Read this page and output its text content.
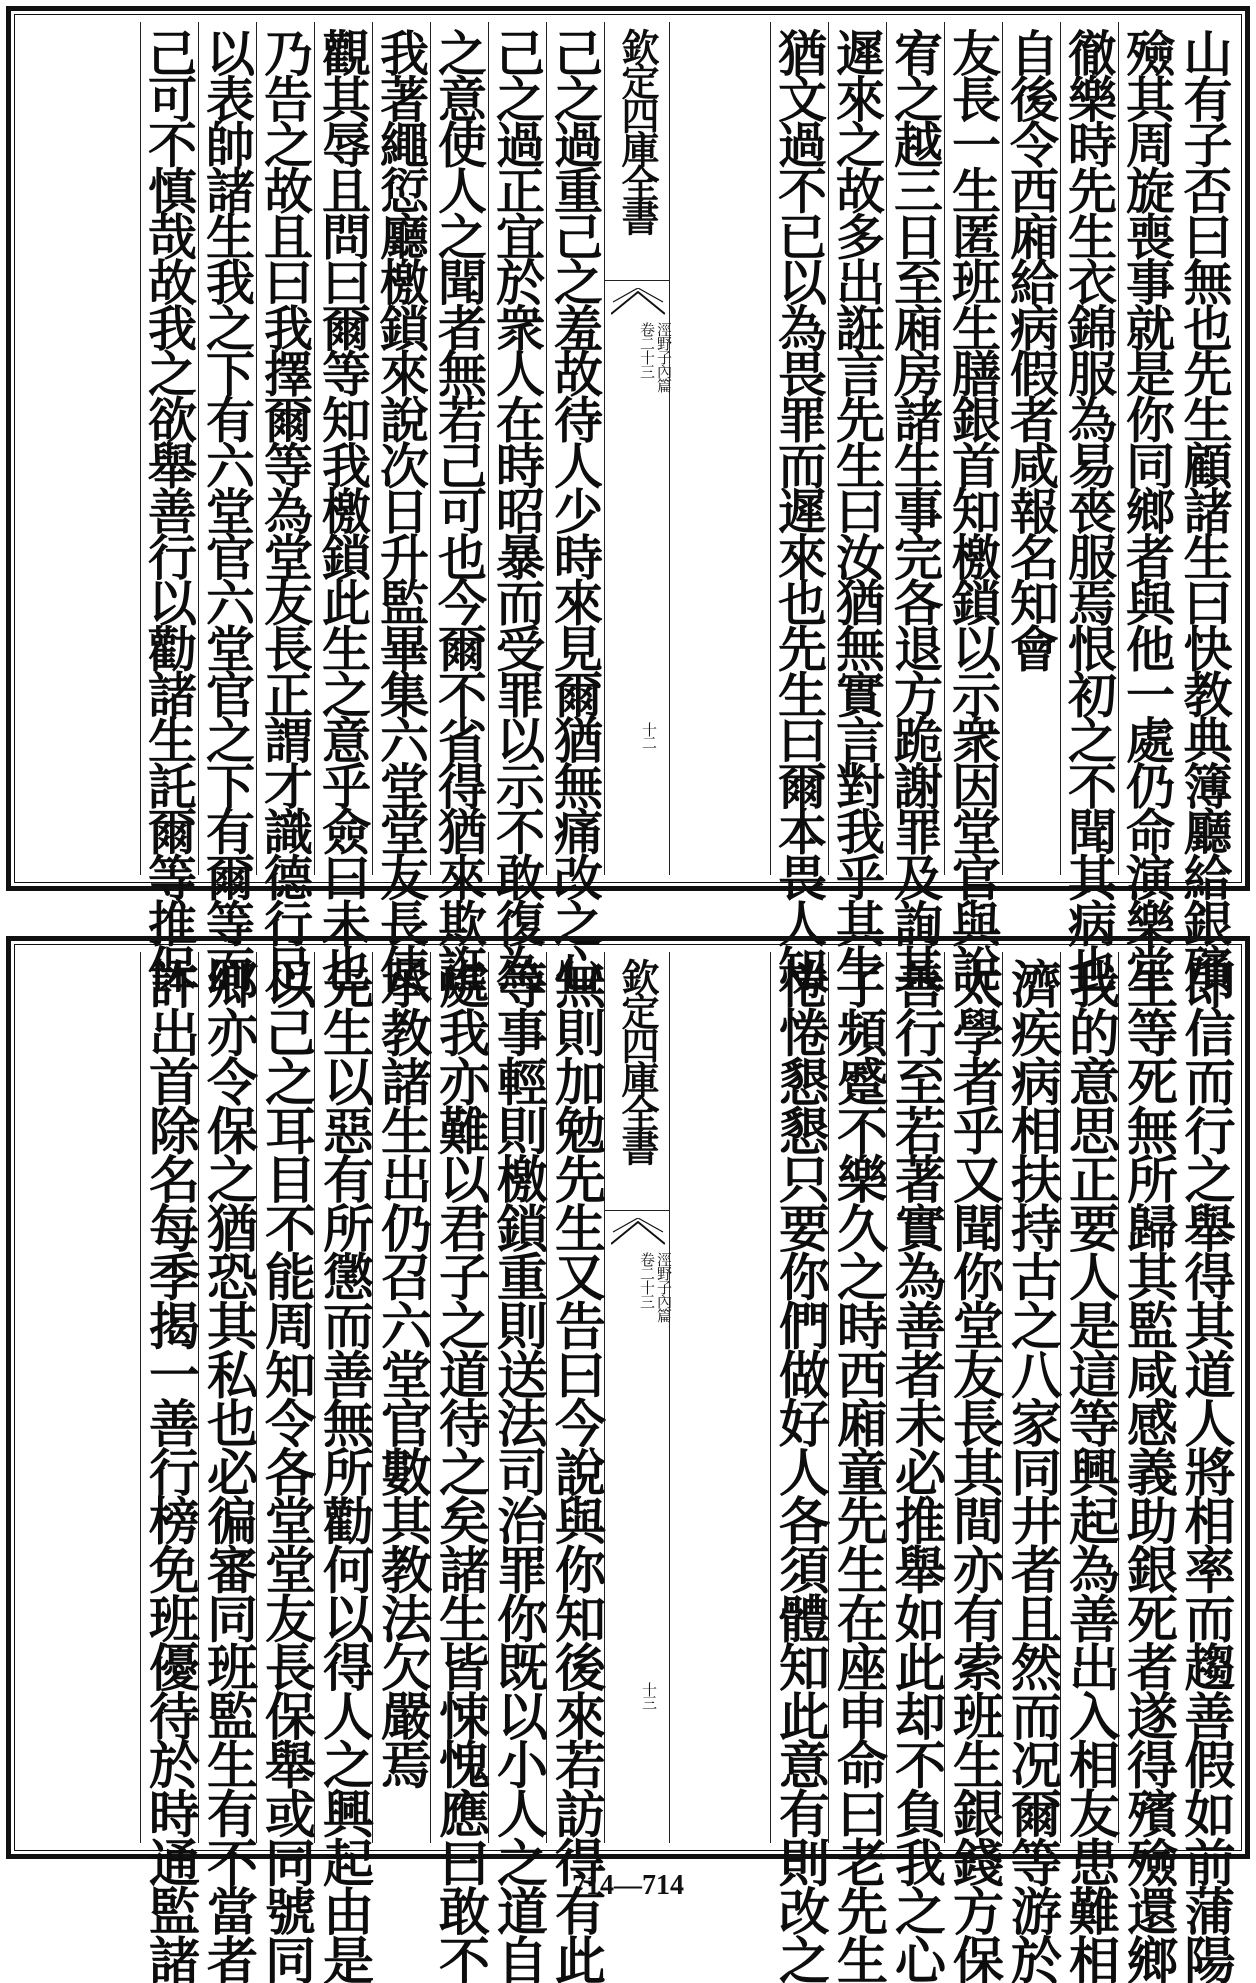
山有子否曰無也先生顧諸生曰快教典簿廳給銀殯
殮其周旋喪事就是你同鄉者與他一處仍命演樂堂
徹樂時先生衣錦服為易䘮服焉恨初之不聞其病也
自後令西廂給病假者咸報名知會
友長一生匿班生膳銀首知檄鎖以示衆因堂官與說
宥之越三日至廂房諸生事完各退方跪謝罪及詢其
遲來之故多出誑言先生曰汝猶無實言對我乎其生
猶文過不已以為畏罪而遲來也先生曰爾本畏人知
欽定四庫全書
涇野子內篇
卷二十三
十二
己之過重己之羞故待人少時來見爾猶無痛改之心
己之過正宜於衆人在時昭暴而受罪以示不敢復為
之意使人之聞者無若己可也今爾不省得猶來欺誑
我著繩愆廳檄鎖來說次日升監畢集六堂堂友長使
觀其辱且問曰爾等知我檄鎖此生之意乎僉曰未也
乃告之故且曰我擇爾等為堂友長正謂才識德行足
以表帥諸生我之下有六堂官六堂官之下有爾等而
己可不慎哉故我之欲舉善行以勸諸生託爾等推保
即信而行之舉得其道人將相率而趨善假如前蒲陽
生等死無所歸其監咸感義助銀死者遂得殯殮還鄉
我的意思正要人是這等興起為善出入相友患難相
濟疾病相扶持古之八家同井者且然而况爾等游於
太學者乎又聞你堂友長其間亦有索班生銀錢方保
善行至若著實為善者未必推舉如此却不負我之心
了頻蹙不樂久之時西廂童先生在座申命曰老先生
惓惓懇懇只要你們做好人各須體知此意有則改之
欽定四庫全書
涇野子內篇
卷二十三
十三
無則加勉先生又告曰今說與你知後來若訪得有此
等事輕則檄鎖重則送法司治罪你既以小人之道自
處我亦難以君子之道待之矣諸生皆悚愧應曰敢不
承教諸生出仍召六堂官數其教法欠嚴焉
先生以惡有所懲而善無所勸何以得人之興起由是
以己之耳目不能周知令各堂堂友長保舉或同號同
鄉亦令保之猶恐其私也必徧審同班監生有不當者
許出首除名每季揭一善行榜免班優待於時通監諸	714—714
